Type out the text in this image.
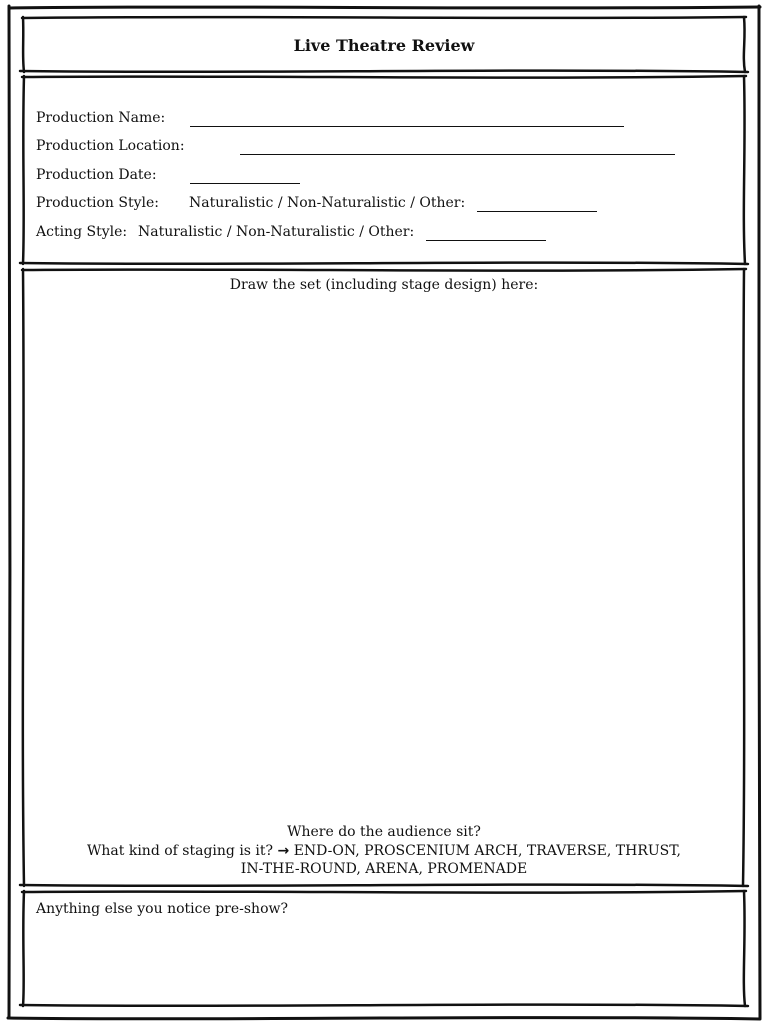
Live Theatre Review
Production Name:
Production Location:
Production Date:
Production Style: Naturalistic / Non-Naturalistic / Other:
Acting Style: Naturalistic / Non-Naturalistic / Other:
Draw the set (including stage design) here:
Where do the audience sit?
What kind of staging is it? → END-ON, PROSCENIUM ARCH, TRAVERSE, THRUST,
IN-THE-ROUND, ARENA, PROMENADE
Anything else you notice pre-show?
